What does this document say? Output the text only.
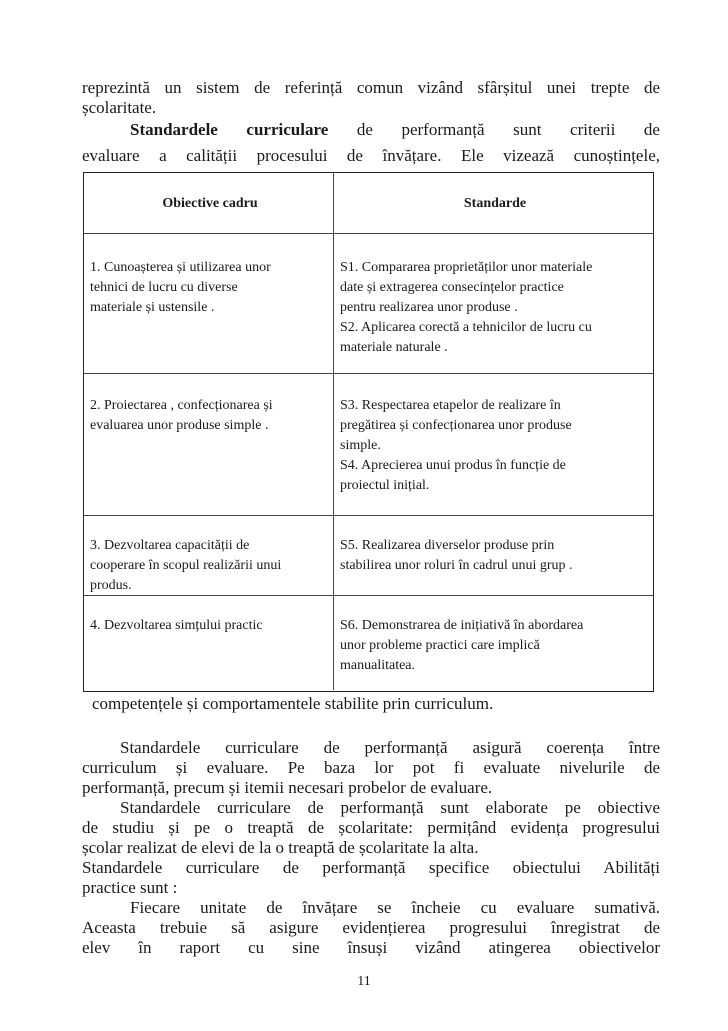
reprezintă un sistem de referință comun vizând sfârșitul unei trepte de
școlaritate.
Standardele curriculare de performanță sunt criterii de
evaluare a calității procesului de învățare. Ele vizează cunoștințele,
Obiective cadru	Standarde
1. Cunoașterea și utilizarea unor
tehnici de lucru cu diverse
materiale și ustensile .
S1. Compararea proprietăților unor materiale
date și extragerea consecințelor practice
pentru realizarea unor produse .
S2. Aplicarea corectă a tehnicilor de lucru cu
materiale naturale .
2. Proiectarea , confecționarea și
evaluarea unor produse simple .
S3. Respectarea etapelor de realizare în
pregătirea și confecționarea unor produse
simple.
S4. Aprecierea unui produs în funcție de
proiectul inițial.
3. Dezvoltarea capacității de
cooperare în scopul realizării unui
produs.
S5. Realizarea diverselor produse prin
stabilirea unor roluri în cadrul unui grup .
4. Dezvoltarea simțului practic	S6. Demonstrarea de inițiativă în abordarea
unor probleme practici care implică
manualitatea.
competențele și comportamentele stabilite prin curriculum.
Standardele curriculare de performanță asigură coerența între
curriculum și evaluare. Pe baza lor pot fi evaluate nivelurile de
performanță, precum și itemii necesari probelor de evaluare.
Standardele curriculare de performanță sunt elaborate pe obiective
de studiu și pe o treaptă de școlaritate: permițând evidența progresului
școlar realizat de elevi de la o treaptă de școlaritate la alta.
Standardele curriculare de performanță specifice obiectului Abilități
practice sunt :
Fiecare unitate de învățare se încheie cu evaluare sumativă.
Aceasta trebuie să asigure evidențierea progresului înregistrat de
elev în raport cu sine însuși vizând atingerea obiectivelor
11
